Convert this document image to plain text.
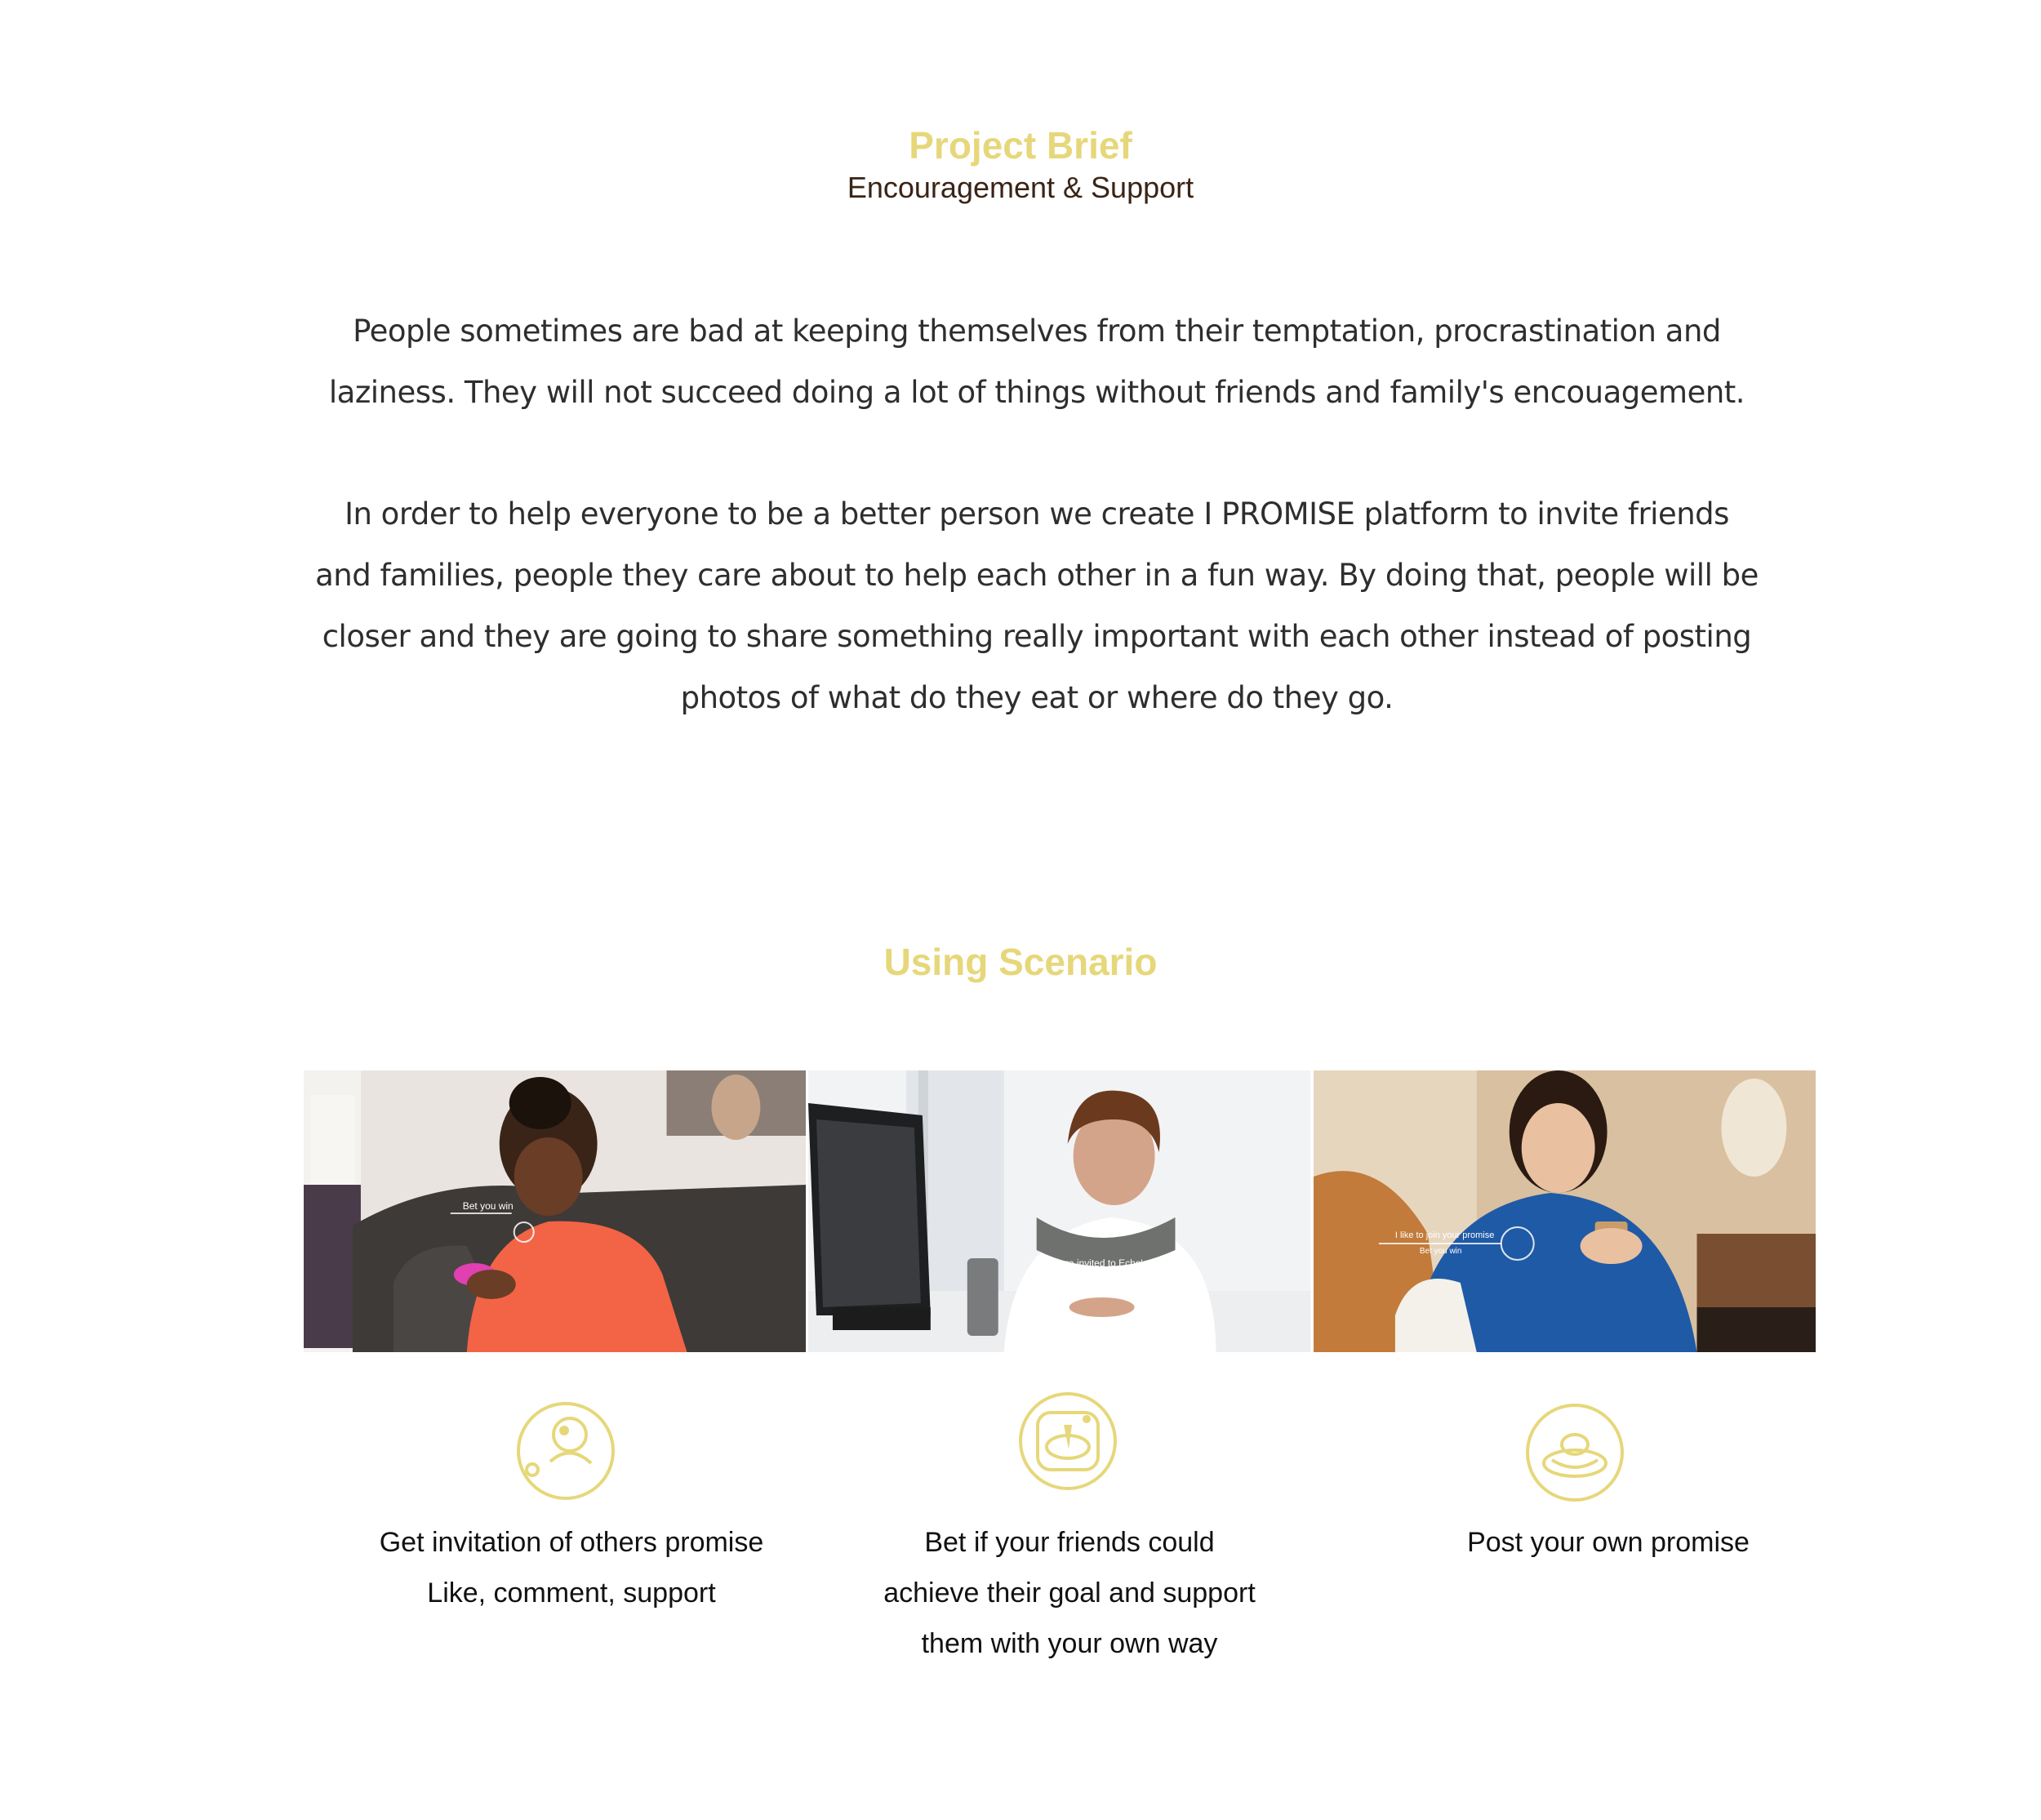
Project Brief
Encouragement & Support
People sometimes are bad at keeping themselves from their temptation, procrastination and
laziness. They will not succeed doing a lot of things without friends and family's encouagement.
In order to help everyone to be a better person we create I PROMISE platform to invite friends
and families, people they care about to help each other in a fun way. By doing that, people will be
closer and they are going to share something really important with each other instead of posting
photos of what do they eat or where do they go.
Using Scenario
Bet you win
You are invited to Echo's promise
I like to join your promise
Bet you win
Get invitation of others promise
Like, comment, support
Bet if your friends could
achieve their goal and support
them with your own way
Post your own promise
